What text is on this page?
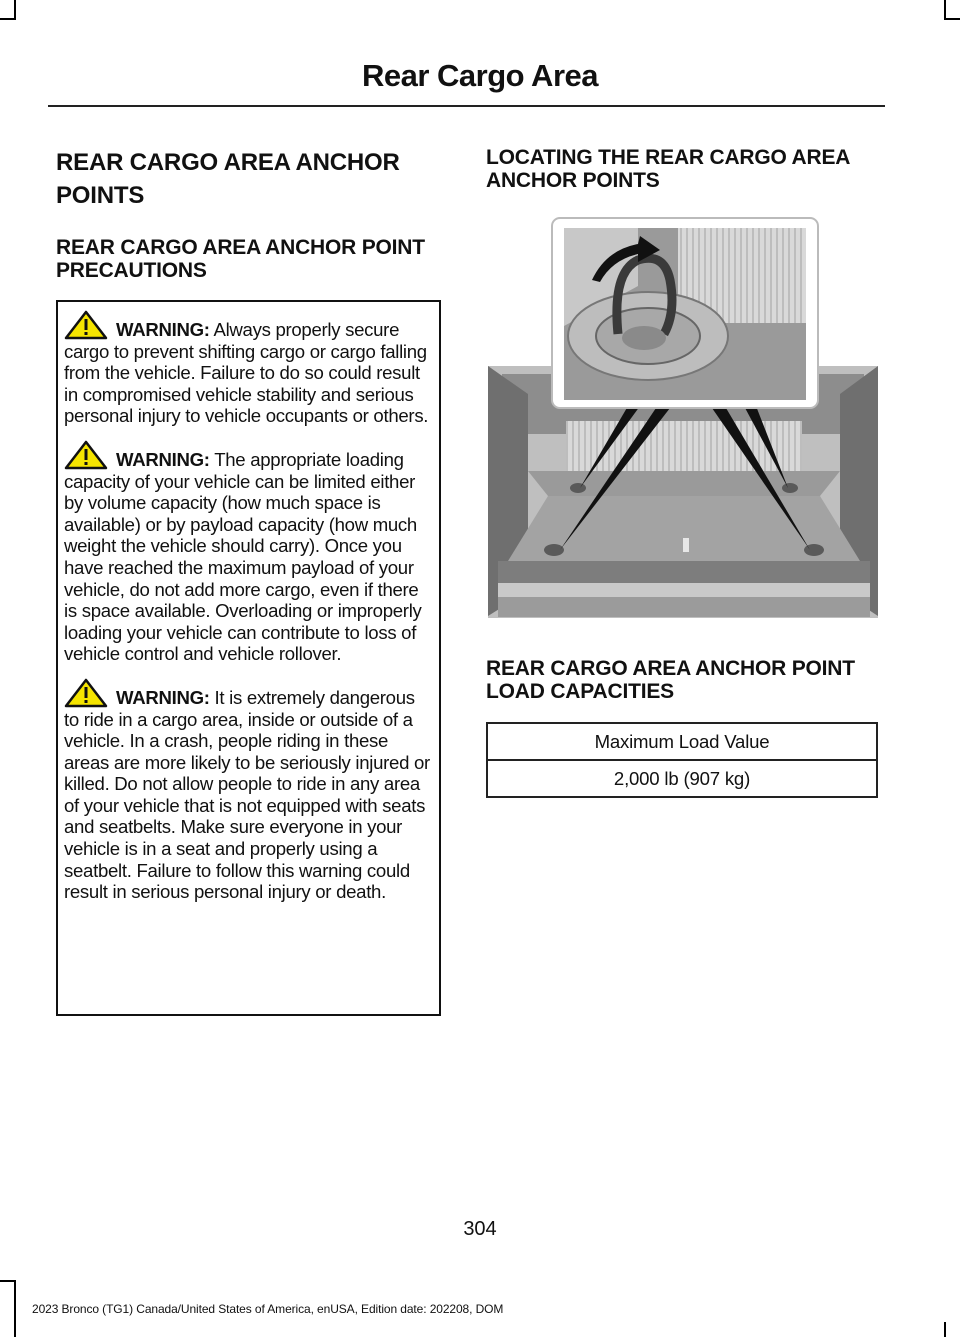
Rear Cargo Area
REAR CARGO AREA ANCHOR POINTS
REAR CARGO AREA ANCHOR POINT PRECAUTIONS

WARNING: Always properly secure cargo to prevent shifting cargo or cargo falling from the vehicle. Failure to do so could result in compromised vehicle stability and serious personal injury to vehicle occupants or others.

WARNING: The appropriate loading capacity of your vehicle can be limited either by volume capacity (how much space is available) or by payload capacity (how much weight the vehicle should carry). Once you have reached the maximum payload of your vehicle, do not add more cargo, even if there is space available. Overloading or improperly loading your vehicle can contribute to loss of vehicle control and vehicle rollover.

WARNING: It is extremely dangerous to ride in a cargo area, inside or outside of a vehicle. In a crash, people riding in these areas are more likely to be seriously injured or killed. Do not allow people to ride in any area of your vehicle that is not equipped with seats and seatbelts. Make sure everyone in your vehicle is in a seat and properly using a seatbelt. Failure to follow this warning could result in serious personal injury or death.

LOCATING THE REAR CARGO AREA ANCHOR POINTS
REAR CARGO AREA ANCHOR POINT LOAD CAPACITIES
Maximum Load Value
2,000 lb (907 kg)
304
2023 Bronco (TG1) Canada/United States of America, enUSA, Edition date: 202208, DOM
